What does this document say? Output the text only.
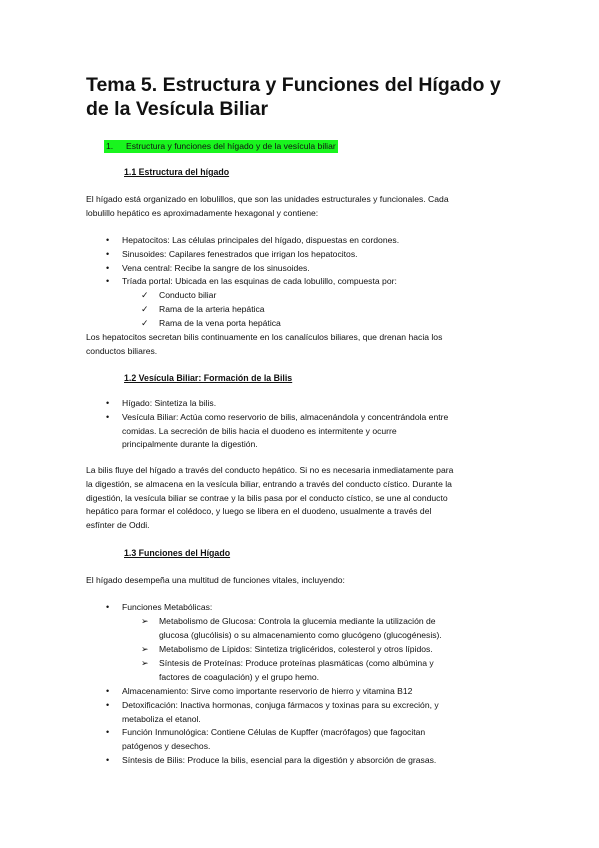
Tema 5. Estructura y Funciones del Hígado y
de la Vesícula Biliar
1. Estructura y funciones del hígado y de la vesícula biliar
1.1 Estructura del hígado
El hígado está organizado en lobulillos, que son las unidades estructurales y funcionales. Cada
lobulillo hepático es aproximadamente hexagonal y contiene:
•	Hepatocitos: Las células principales del hígado, dispuestas en cordones.
•	Sinusoides: Capilares fenestrados que irrigan los hepatocitos.
•	Vena central: Recibe la sangre de los sinusoides.
•	Tríada portal: Ubicada en las esquinas de cada lobulillo, compuesta por:
✓ Conducto biliar
✓ Rama de la arteria hepática
✓ Rama de la vena porta hepática
Los hepatocitos secretan bilis continuamente en los canalículos biliares, que drenan hacia los
conductos biliares.
1.2 Vesícula Biliar: Formación de la Bilis
•	Hígado: Sintetiza la bilis.
•	Vesícula Biliar: Actúa como reservorio de bilis, almacenándola y concentrándola entre
comidas. La secreción de bilis hacia el duodeno es intermitente y ocurre
principalmente durante la digestión.
La bilis fluye del hígado a través del conducto hepático. Si no es necesaria inmediatamente para
la digestión, se almacena en la vesícula biliar, entrando a través del conducto cístico. Durante la
digestión, la vesícula biliar se contrae y la bilis pasa por el conducto cístico, se une al conducto
hepático para formar el colédoco, y luego se libera en el duodeno, usualmente a través del
esfínter de Oddi.
1.3 Funciones del Hígado
El hígado desempeña una multitud de funciones vitales, incluyendo:
•	Funciones Metabólicas:
➢ Metabolismo de Glucosa: Controla la glucemia mediante la utilización de
glucosa (glucólisis) o su almacenamiento como glucógeno (glucogénesis).
➢ Metabolismo de Lípidos: Sintetiza triglicéridos, colesterol y otros lípidos.
➢ Síntesis de Proteínas: Produce proteínas plasmáticas (como albúmina y
factores de coagulación) y el grupo hemo.
•	Almacenamiento: Sirve como importante reservorio de hierro y vitamina B12
•	Detoxificación: Inactiva hormonas, conjuga fármacos y toxinas para su excreción, y
metaboliza el etanol.
•	Función Inmunológica: Contiene Células de Kupffer (macrófagos) que fagocitan
patógenos y desechos.
•	Síntesis de Bilis: Produce la bilis, esencial para la digestión y absorción de grasas.
